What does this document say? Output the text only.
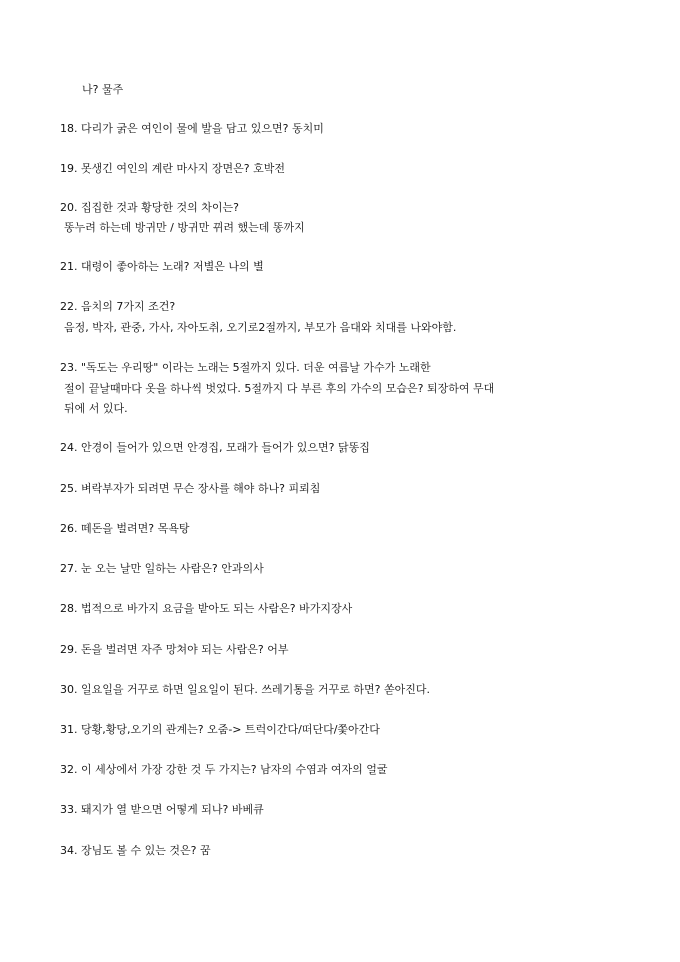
나? 물주
18. 다리가 굵은 여인이 물에 발을 담고 있으면? 동치미
19. 못생긴 여인의 계란 마사지 장면은? 호박전
20. 집집한 것과 황당한 것의 차이는?
똥누려 하는데 방귀만 / 방귀만 뀌려 했는데 똥까지
21. 대령이 좋아하는 노래? 저별은 나의 별
22. 음치의 7가지 조건?
음정, 박자, 관중, 가사, 자아도취, 오기로2절까지, 부모가 음대와 치대를 나와야함.
23. "독도는 우리땅" 이라는 노래는 5절까지 있다. 더운 여름날 가수가 노래한
절이 끝날때마다 옷을 하나씩 벗었다. 5절까지 다 부른 후의 가수의 모습은? 퇴장하여 무대
뒤에 서 있다.
24. 안경이 들어가 있으면 안경집, 모래가 들어가 있으면? 닭똥집
25. 벼락부자가 되려면 무슨 장사를 해야 하나? 피뢰침
26. 떼돈을 벌려면? 목욕탕
27. 눈 오는 날만 일하는 사람은? 안과의사
28. 법적으로 바가지 요금을 받아도 되는 사람은? 바가지장사
29. 돈을 벌려면 자주 망쳐야 되는 사람은? 어부
30. 일요일을 거꾸로 하면 일요일이 된다. 쓰레기통을 거꾸로 하면? 쏟아진다.
31. 당황,황당,오기의 관계는? 오줌-> 트럭이간다/떠단다/쫓아간다
32. 이 세상에서 가장 강한 것 두 가지는? 남자의 수염과 여자의 얼굴
33. 돼지가 열 받으면 어떻게 되나? 바베큐
34. 장님도 볼 수 있는 것은? 꿈
